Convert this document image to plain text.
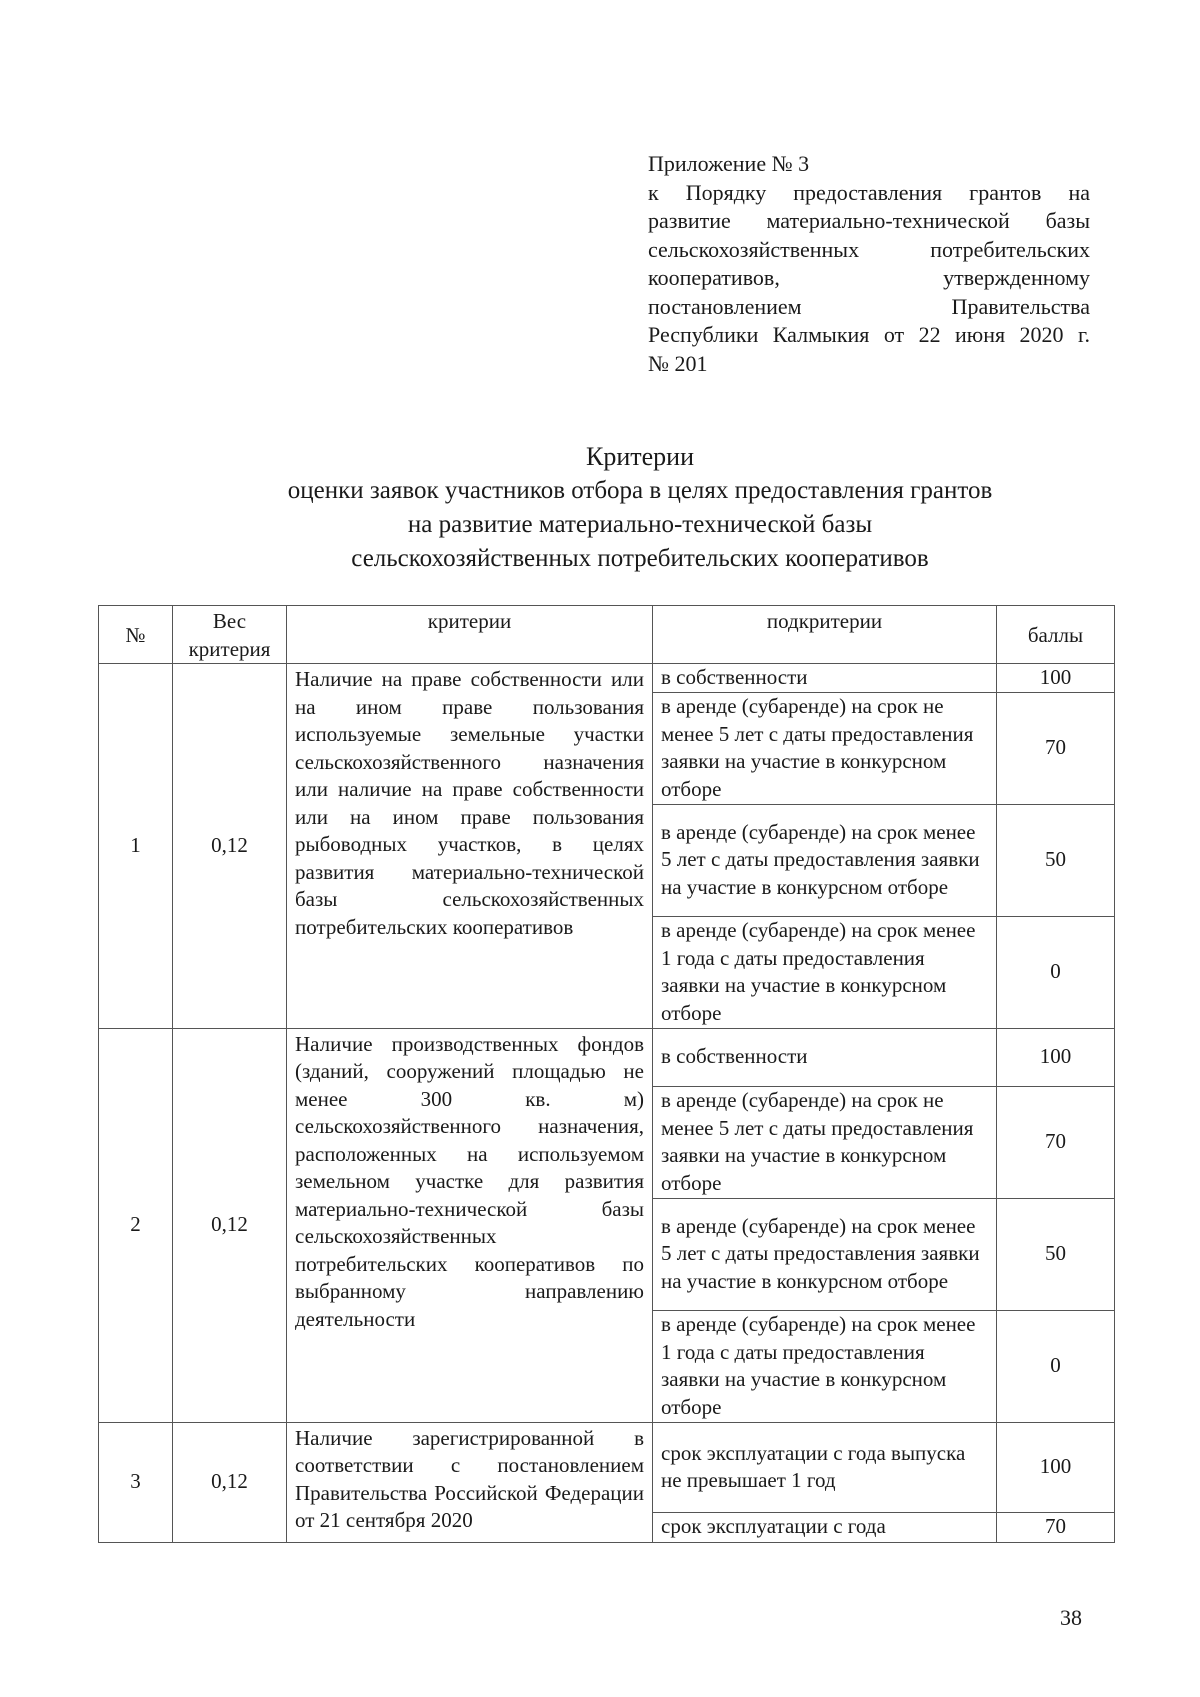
Приложение № 3
к Порядку предоставления грантов на
развитие материально-технической базы
сельскохозяйственных потребительских
кооперативов, утвержденному
постановлением Правительства
Республики Калмыкия от 22 июня 2020 г.
№ 201
Критерии
оценки заявок участников отбора в целях предоставления грантов
на развитие материально-технической базы
сельскохозяйственных потребительских кооперативов
№	Вес критерия	критерии	подкритерии	баллы
1	0,12	Наличие на праве собственности или на ином праве пользования используемые земельные участки сельскохозяйственного назначения или наличие на праве собственности или на ином праве пользования рыбоводных участков, в целях развития материально-технической базы сельскохозяйственных потребительских кооперативов	в собственности	100
			в аренде (субаренде) на срок не менее 5 лет с даты предоставления заявки на участие в конкурсном отборе	70
			в аренде (субаренде) на срок менее 5 лет с даты предоставления заявки на участие в конкурсном отборе	50
			в аренде (субаренде) на срок менее 1 года с даты предоставления заявки на участие в конкурсном отборе	0
2	0,12	Наличие производственных фондов (зданий, сооружений площадью не менее 300 кв. м) сельскохозяйственного назначения, расположенных на используемом земельном участке для развития материально-технической базы сельскохозяйственных потребительских кооперативов по выбранному направлению деятельности	в собственности	100
			в аренде (субаренде) на срок не менее 5 лет с даты предоставления заявки на участие в конкурсном отборе	70
			в аренде (субаренде) на срок менее 5 лет с даты предоставления заявки на участие в конкурсном отборе	50
			в аренде (субаренде) на срок менее 1 года с даты предоставления заявки на участие в конкурсном отборе	0
3	0,12	Наличие зарегистрированной в соответствии с постановлением Правительства Российской Федерации от 21 сентября 2020	срок эксплуатации с года выпуска не превышает 1 год	100
			срок эксплуатации с года	70
38
